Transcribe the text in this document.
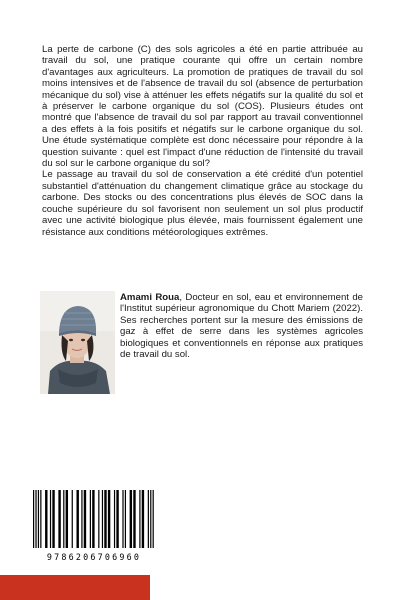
La perte de carbone (C) des sols agricoles a été en partie attribuée au travail du sol, une pratique courante qui offre un certain nombre d'avantages aux agriculteurs. La promotion de pratiques de travail du sol moins intensives et de l'absence de travail du sol (absence de perturbation mécanique du sol) vise à atténuer les effets négatifs sur la qualité du sol et à préserver le carbone organique du sol (COS). Plusieurs études ont montré que l'absence de travail du sol par rapport au travail conventionnel a des effets à la fois positifs et négatifs sur le carbone organique du sol. Une étude systématique complète est donc nécessaire pour répondre à la question suivante : quel est l'impact d'une réduction de l'intensité du travail du sol sur le carbone organique du sol?

Le passage au travail du sol de conservation a été crédité d'un potentiel substantiel d'atténuation du changement climatique grâce au stockage du carbone. Des stocks ou des concentrations plus élevés de SOC dans la couche supérieure du sol favorisent non seulement un sol plus productif avec une activité biologique plus élevée, mais fournissent également une résistance aux conditions météorologiques extrêmes.

Amami Roua, Docteur en sol, eau et environnement de l'Institut supérieur agronomique du Chott Mariem (2022). Ses recherches portent sur la mesure des émissions de gaz à effet de serre dans les systèmes agricoles biologiques et conventionnels en réponse aux pratiques de travail du sol.
9786206706960
